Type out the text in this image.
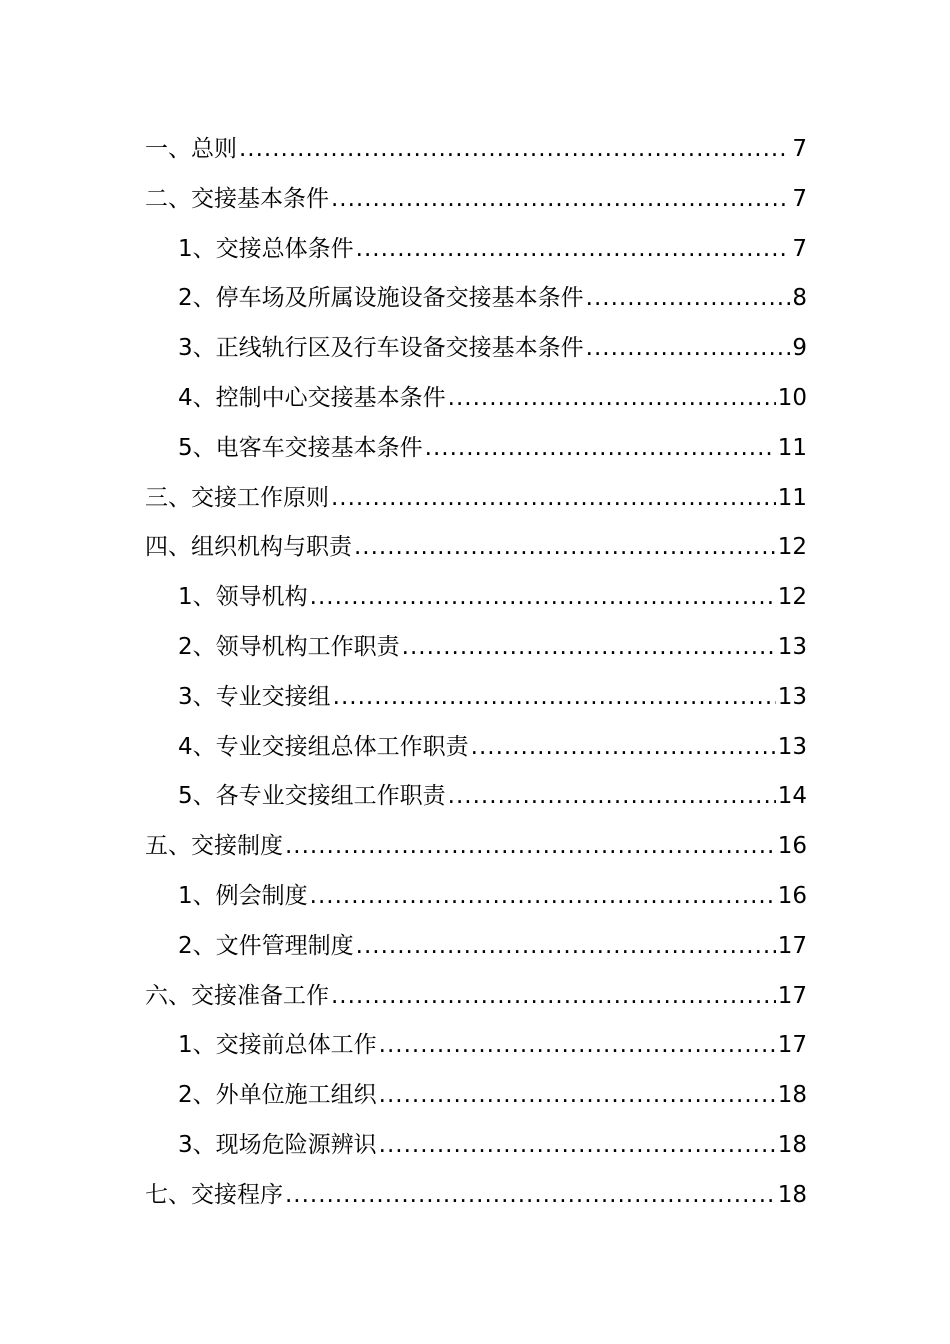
一、总则 .....	7
二、交接基本条件 .....	7
1、交接总体条件 .....	7
2、停车场及所属设施设备交接基本条件 .....	8
3、正线轨行区及行车设备交接基本条件 .....	9
4、控制中心交接基本条件 .....	10
5、电客车交接基本条件 .....	11
三、交接工作原则 .....	11
四、组织机构与职责 .....	12
1、领导机构 .....	12
2、领导机构工作职责 .....	13
3、专业交接组 .....	13
4、专业交接组总体工作职责 .....	13
5、各专业交接组工作职责 .....	14
五、交接制度 .....	16
1、例会制度 .....	16
2、文件管理制度 .....	17
六、交接准备工作 .....	17
1、交接前总体工作 .....	17
2、外单位施工组织 .....	18
3、现场危险源辨识 .....	18
七、交接程序 .....	18
